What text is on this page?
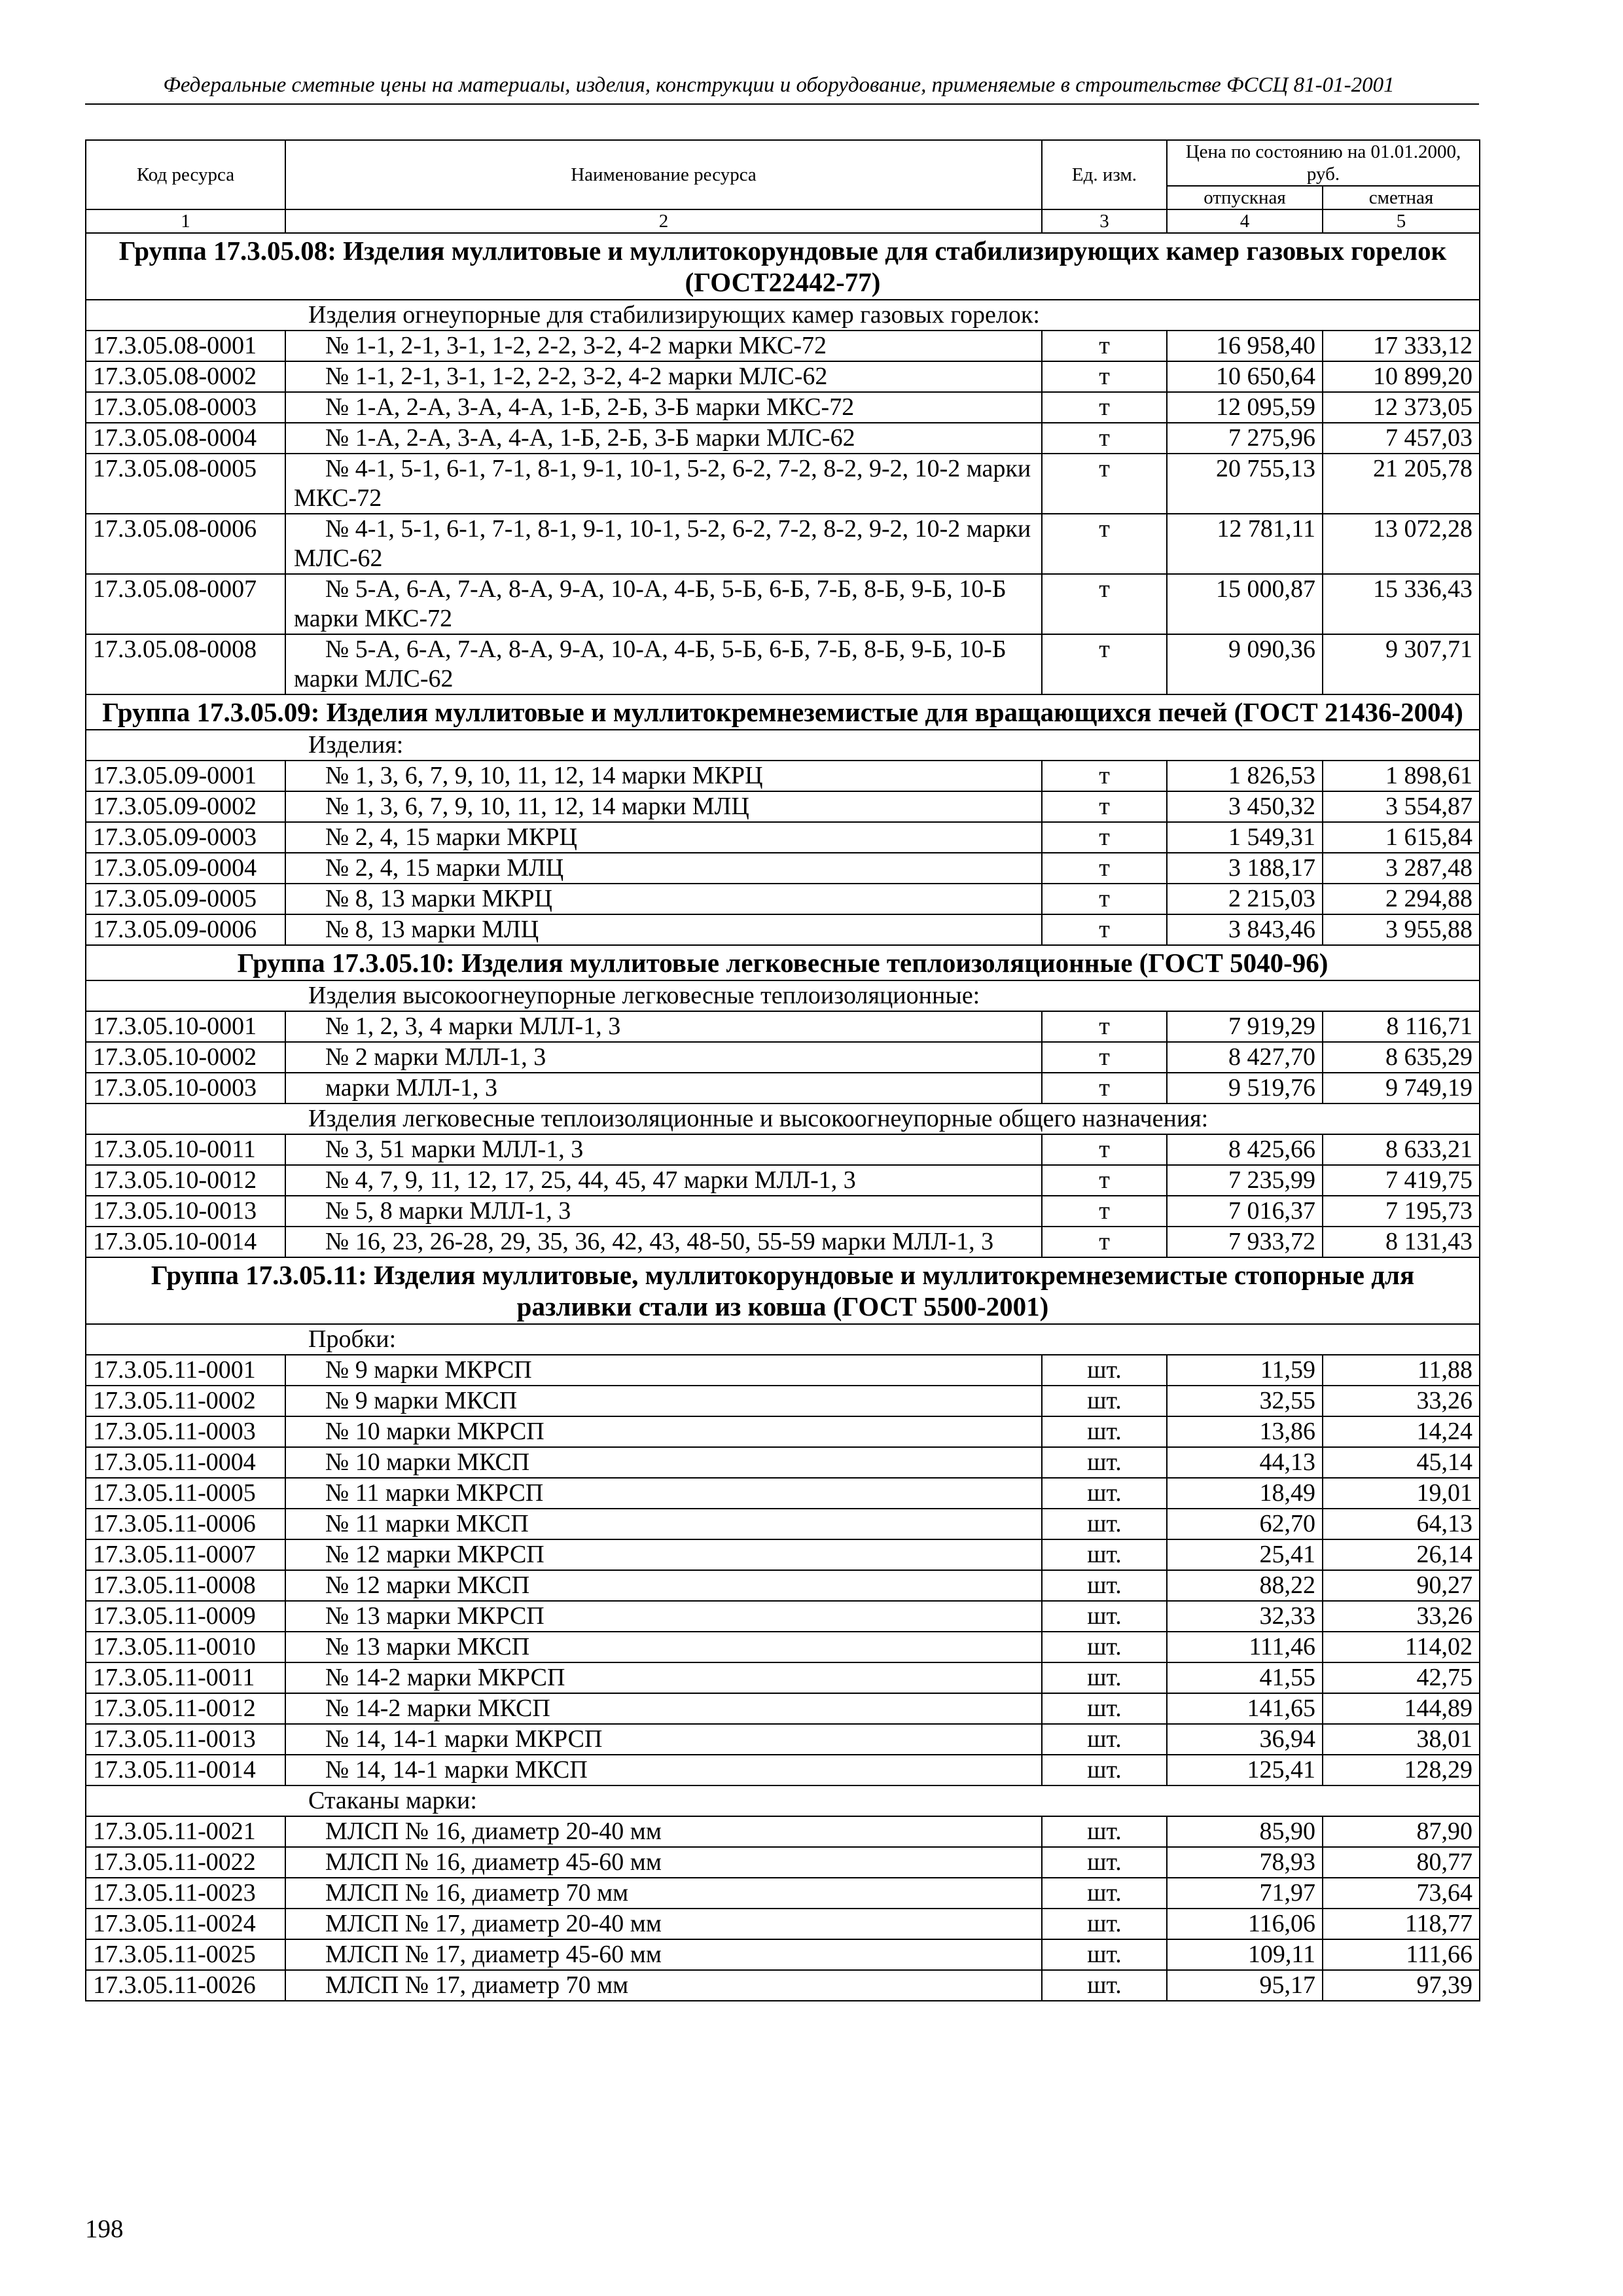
Федеральные сметные цены на материалы, изделия, конструкции и оборудование, применяемые в строительстве ФССЦ 81-01-2001
Код ресурса	Наименование ресурса	Ед. изм.	Цена по состоянию на 01.01.2000, руб.	
			отпускная	сметная
1	2	3	4	5
Группа 17.3.05.08: Изделия муллитовые и муллитокорундовые для стабилизирующих камер газовых горелок (ГОСТ22442-77)				
	Изделия огнеупорные для стабилизирующих камер газовых горелок:			
17.3.05.08-0001	№ 1-1, 2-1, 3-1, 1-2, 2-2, 3-2, 4-2 марки МКС-72	т	16 958,40	17 333,12
17.3.05.08-0002	№ 1-1, 2-1, 3-1, 1-2, 2-2, 3-2, 4-2 марки МЛС-62	т	10 650,64	10 899,20
17.3.05.08-0003	№ 1-А, 2-А, 3-А, 4-А, 1-Б, 2-Б, 3-Б марки МКС-72	т	12 095,59	12 373,05
17.3.05.08-0004	№ 1-А, 2-А, 3-А, 4-А, 1-Б, 2-Б, 3-Б марки МЛС-62	т	7 275,96	7 457,03
17.3.05.08-0005	№ 4-1, 5-1, 6-1, 7-1, 8-1, 9-1, 10-1, 5-2, 6-2, 7-2, 8-2, 9-2, 10-2 марки МКС-72	т	20 755,13	21 205,78
17.3.05.08-0006	№ 4-1, 5-1, 6-1, 7-1, 8-1, 9-1, 10-1, 5-2, 6-2, 7-2, 8-2, 9-2, 10-2 марки МЛС-62	т	12 781,11	13 072,28
17.3.05.08-0007	№ 5-А, 6-А, 7-А, 8-А, 9-А, 10-А, 4-Б, 5-Б, 6-Б, 7-Б, 8-Б, 9-Б, 10-Б марки МКС-72	т	15 000,87	15 336,43
17.3.05.08-0008	№ 5-А, 6-А, 7-А, 8-А, 9-А, 10-А, 4-Б, 5-Б, 6-Б, 7-Б, 8-Б, 9-Б, 10-Б марки МЛС-62	т	9 090,36	9 307,71
Группа 17.3.05.09: Изделия муллитовые и муллитокремнеземистые для вращающихся печей (ГОСТ 21436-2004)				
	Изделия:			
17.3.05.09-0001	№ 1, 3, 6, 7, 9, 10, 11, 12, 14 марки МКРЦ	т	1 826,53	1 898,61
17.3.05.09-0002	№ 1, 3, 6, 7, 9, 10, 11, 12, 14 марки МЛЦ	т	3 450,32	3 554,87
17.3.05.09-0003	№ 2, 4, 15 марки МКРЦ	т	1 549,31	1 615,84
17.3.05.09-0004	№ 2, 4, 15 марки МЛЦ	т	3 188,17	3 287,48
17.3.05.09-0005	№ 8, 13 марки МКРЦ	т	2 215,03	2 294,88
17.3.05.09-0006	№ 8, 13 марки МЛЦ	т	3 843,46	3 955,88
Группа 17.3.05.10: Изделия муллитовые легковесные теплоизоляционные (ГОСТ 5040-96)				
	Изделия высокоогнеупорные легковесные теплоизоляционные:			
17.3.05.10-0001	№ 1, 2, 3, 4 марки МЛЛ-1, 3	т	7 919,29	8 116,71
17.3.05.10-0002	№ 2 марки МЛЛ-1, 3	т	8 427,70	8 635,29
17.3.05.10-0003	марки МЛЛ-1, 3	т	9 519,76	9 749,19
	Изделия легковесные теплоизоляционные и высокоогнеупорные общего назначения:			
17.3.05.10-0011	№ 3, 51 марки МЛЛ-1, 3	т	8 425,66	8 633,21
17.3.05.10-0012	№ 4, 7, 9, 11, 12, 17, 25, 44, 45, 47 марки МЛЛ-1, 3	т	7 235,99	7 419,75
17.3.05.10-0013	№ 5, 8 марки МЛЛ-1, 3	т	7 016,37	7 195,73
17.3.05.10-0014	№ 16, 23, 26-28, 29, 35, 36, 42, 43, 48-50, 55-59 марки МЛЛ-1, 3	т	7 933,72	8 131,43
Группа 17.3.05.11: Изделия муллитовые, муллитокорундовые и муллитокремнеземистые стопорные для разливки стали из ковша (ГОСТ 5500-2001)				
	Пробки:			
17.3.05.11-0001	№ 9 марки МКРСП	шт.	11,59	11,88
17.3.05.11-0002	№ 9 марки МКСП	шт.	32,55	33,26
17.3.05.11-0003	№ 10 марки МКРСП	шт.	13,86	14,24
17.3.05.11-0004	№ 10 марки МКСП	шт.	44,13	45,14
17.3.05.11-0005	№ 11 марки МКРСП	шт.	18,49	19,01
17.3.05.11-0006	№ 11 марки МКСП	шт.	62,70	64,13
17.3.05.11-0007	№ 12 марки МКРСП	шт.	25,41	26,14
17.3.05.11-0008	№ 12 марки МКСП	шт.	88,22	90,27
17.3.05.11-0009	№ 13 марки МКРСП	шт.	32,33	33,26
17.3.05.11-0010	№ 13 марки МКСП	шт.	111,46	114,02
17.3.05.11-0011	№ 14-2 марки МКРСП	шт.	41,55	42,75
17.3.05.11-0012	№ 14-2 марки МКСП	шт.	141,65	144,89
17.3.05.11-0013	№ 14, 14-1 марки МКРСП	шт.	36,94	38,01
17.3.05.11-0014	№ 14, 14-1 марки МКСП	шт.	125,41	128,29
	Стаканы марки:			
17.3.05.11-0021	МЛСП № 16, диаметр 20-40 мм	шт.	85,90	87,90
17.3.05.11-0022	МЛСП № 16, диаметр 45-60 мм	шт.	78,93	80,77
17.3.05.11-0023	МЛСП № 16, диаметр 70 мм	шт.	71,97	73,64
17.3.05.11-0024	МЛСП № 17, диаметр 20-40 мм	шт.	116,06	118,77
17.3.05.11-0025	МЛСП № 17, диаметр 45-60 мм	шт.	109,11	111,66
17.3.05.11-0026	МЛСП № 17, диаметр 70 мм	шт.	95,17	97,39
198
